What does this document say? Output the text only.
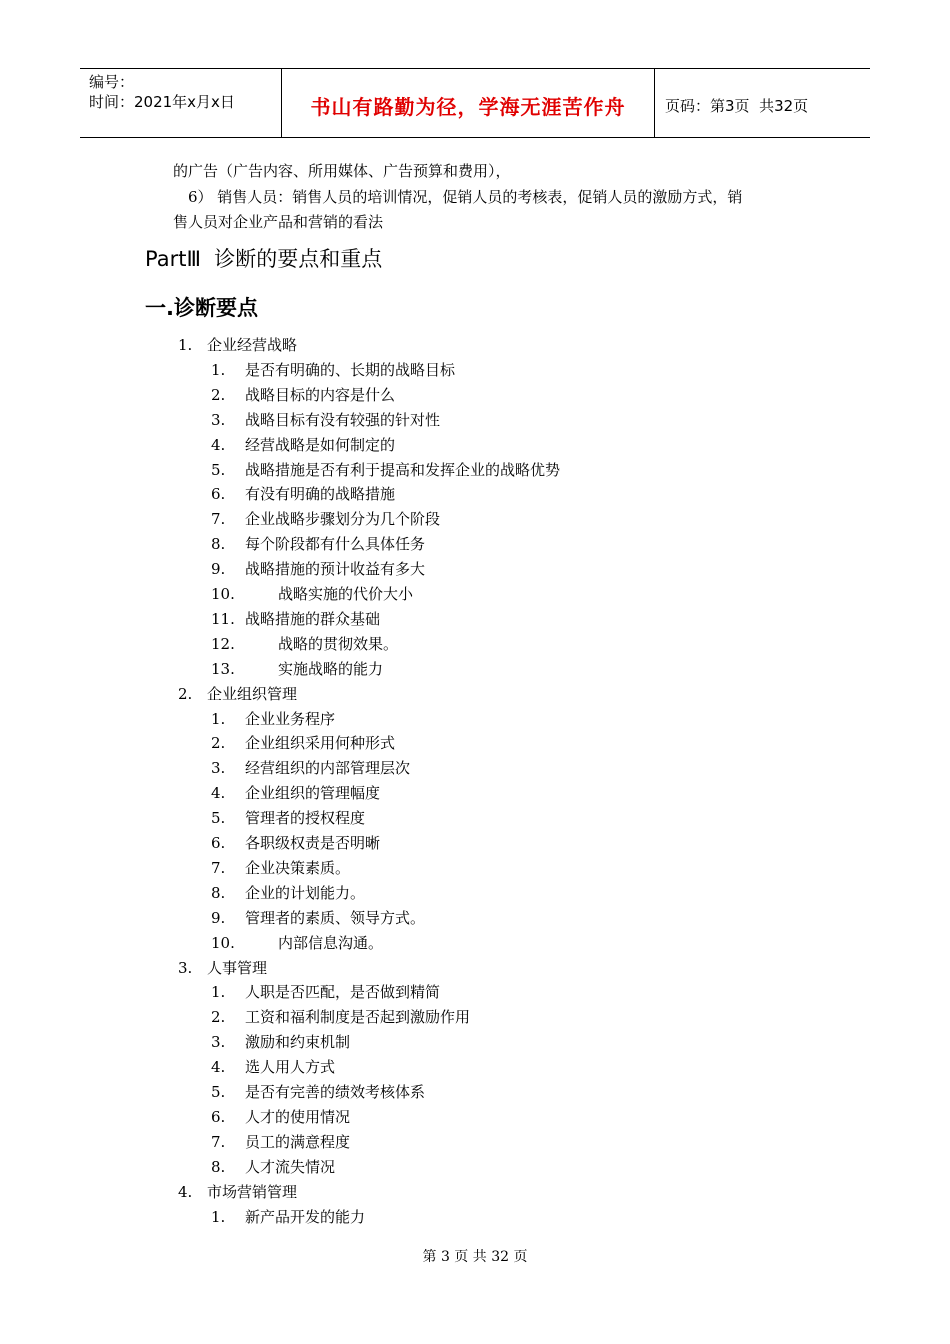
编号：
时间：2021年x月x日	书山有路勤为径，学海无涯苦作舟	页码：第3页  共32页
的广告（广告内容、所用媒体、广告预算和费用），
6） 销售人员：销售人员的培训情况，促销人员的考核表，促销人员的激励方式，销
售人员对企业产品和营销的看法
PartⅢ  诊断的要点和重点
一.诊断要点
1. 企业经营战略
1. 是否有明确的、长期的战略目标
2. 战略目标的内容是什么
3. 战略目标有没有较强的针对性
4. 经营战略是如何制定的
5. 战略措施是否有利于提高和发挥企业的战略优势
6. 有没有明确的战略措施
7. 企业战略步骤划分为几个阶段
8. 每个阶段都有什么具体任务
9. 战略措施的预计收益有多大
10.	战略实施的代价大小
11. 战略措施的群众基础
12.	战略的贯彻效果。
13.	实施战略的能力
2. 企业组织管理
1. 企业业务程序
2. 企业组织采用何种形式
3. 经营组织的内部管理层次
4. 企业组织的管理幅度
5. 管理者的授权程度
6. 各职级权责是否明晰
7. 企业决策素质。
8. 企业的计划能力。
9. 管理者的素质、领导方式。
10.	内部信息沟通。
3. 人事管理
1. 人职是否匹配，是否做到精简
2. 工资和福利制度是否起到激励作用
3. 激励和约束机制
4. 选人用人方式
5. 是否有完善的绩效考核体系
6. 人才的使用情况
7. 员工的满意程度
8. 人才流失情况
4. 市场营销管理
1. 新产品开发的能力
第 3 页 共 32 页
